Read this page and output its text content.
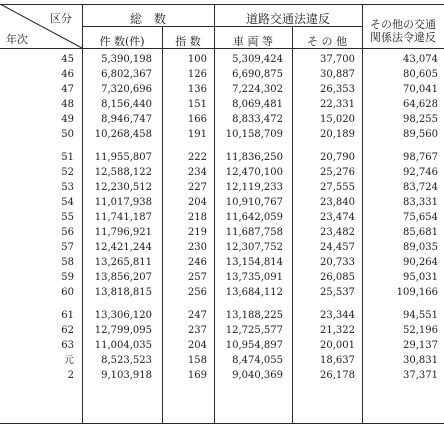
区分
年次
総　数
件 数(件)	指 数
道路交通法違反
車 両 等	そ の 他
その他の交通
関係法令違反
45	5,390,198	100	5,309,424	37,700	43,074
46	6,802,367	126	6,690,875	30,887	80,605
47	7,320,696	136	7,224,302	26,353	70,041
48	8,156,440	151	8,069,481	22,331	64,628
49	8,946,747	166	8,833,472	15,020	98,255
50	10,268,458	191	10,158,709	20,189	89,560
51	11,955,807	222	11,836,250	20,790	98,767
52	12,588,122	234	12,470,100	25,276	92,746
53	12,230,512	227	12,119,233	27,555	83,724
54	11,017,938	204	10,910,767	23,840	83,331
55	11,741,187	218	11,642,059	23,474	75,654
56	11,796,921	219	11,687,758	23,482	85,681
57	12,421,244	230	12,307,752	24,457	89,035
58	13,265,811	246	13,154,814	20,733	90,264
59	13,856,207	257	13,735,091	26,085	95,031
60	13,818,815	256	13,684,112	25,537	109,166
61	13,306,120	247	13,188,225	23,344	94,551
62	12,799,095	237	12,725,577	21,322	52,196
63	11,004,035	204	10,954,897	20,001	29,137
元	8,523,523	158	8,474,055	18,637	30,831
2	9,103,918	169	9,040,369	26,178	37,371
